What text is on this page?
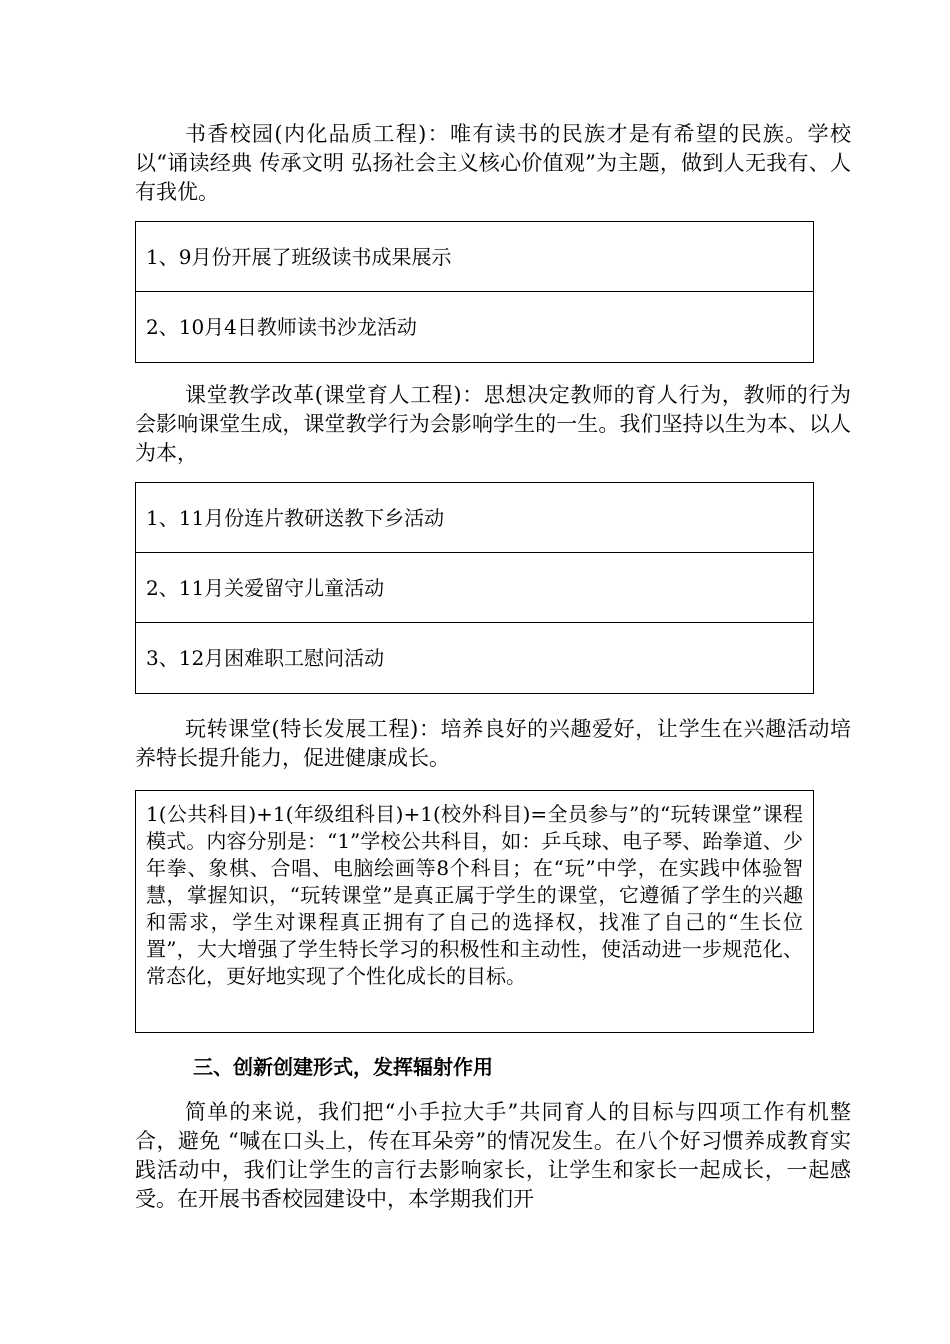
书香校园(内化品质工程)：唯有读书的民族才是有希望的民族。学校以“诵读经典 传承文明 弘扬社会主义核心价值观”为主题，做到人无我有、人有我优。

1、9月份开展了班级读书成果展示
2、10月4日教师读书沙龙活动

课堂教学改革(课堂育人工程)：思想决定教师的育人行为，教师的行为会影响课堂生成，课堂教学行为会影响学生的一生。我们坚持以生为本、以人为本，

1、11月份连片教研送教下乡活动
2、11月关爱留守儿童活动
3、12月困难职工慰问活动

玩转课堂(特长发展工程)：培养良好的兴趣爱好，让学生在兴趣活动培养特长提升能力，促进健康成长。

1(公共科目)+1(年级组科目)+1(校外科目)=全员参与”的“玩转课堂”课程模式。内容分别是：“1”学校公共科目，如：乒乓球、电子琴、跆拳道、少年拳、象棋、合唱、电脑绘画等8个科目；在“玩”中学，在实践中体验智慧，掌握知识，“玩转课堂”是真正属于学生的课堂，它遵循了学生的兴趣和需求，学生对课程真正拥有了自己的选择权，找准了自己的“生长位置”，大大增强了学生特长学习的积极性和主动性，使活动进一步规范化、常态化，更好地实现了个性化成长的目标。
三、创新创建形式，发挥辐射作用

简单的来说，我们把“小手拉大手”共同育人的目标与四项工作有机整合，避免 “喊在口头上，传在耳朵旁”的情况发生。在八个好习惯养成教育实践活动中，我们让学生的言行去影响家长，让学生和家长一起成长，一起感受。在开展书香校园建设中，本学期我们开
